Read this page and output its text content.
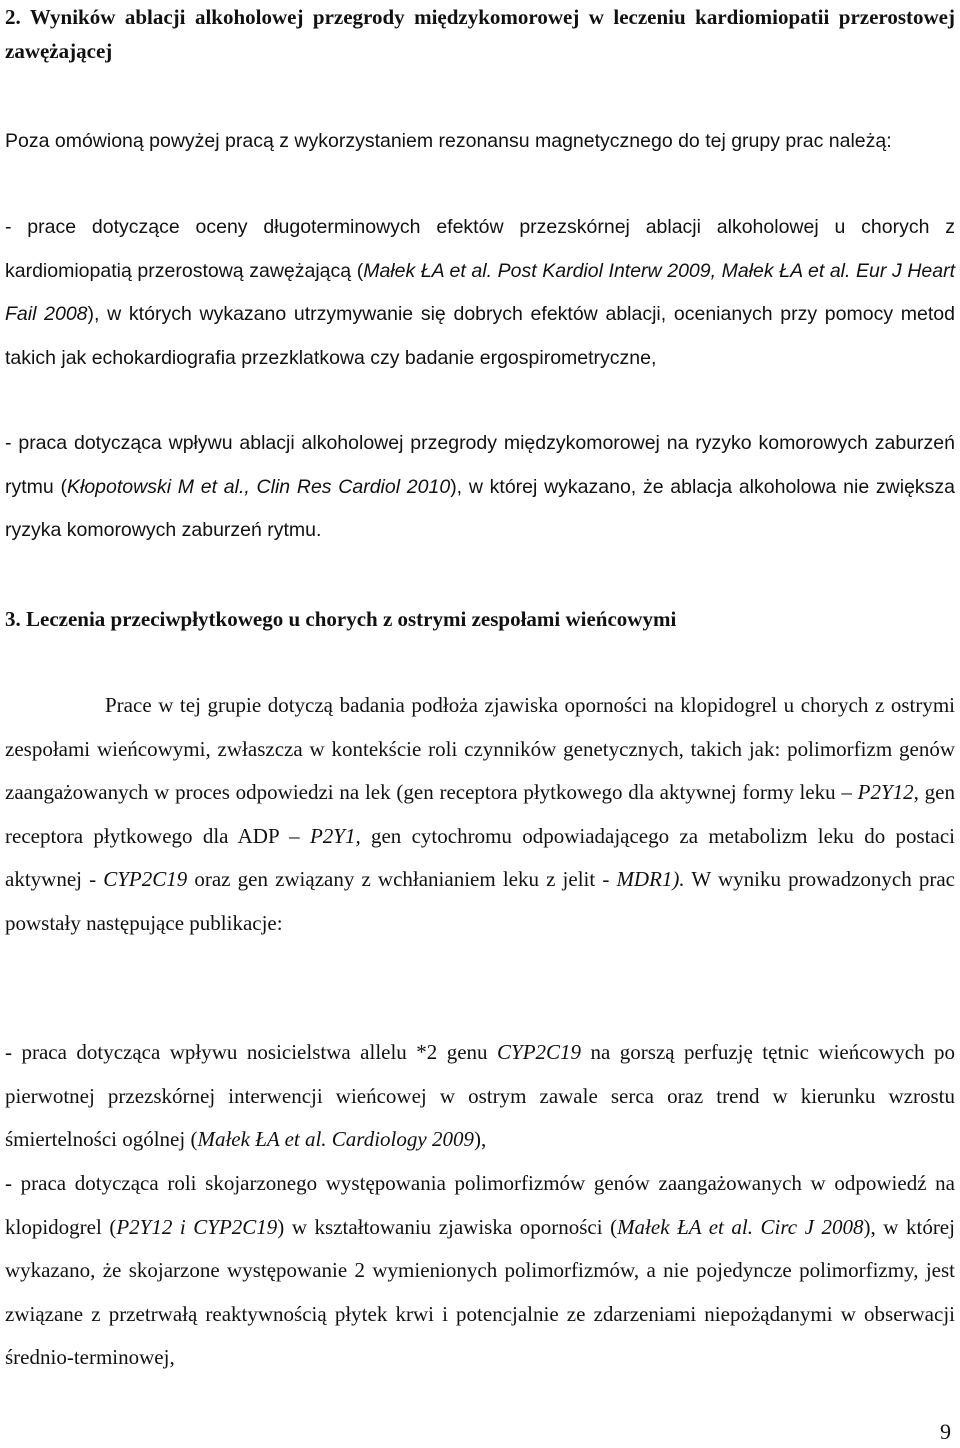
2. Wyników ablacji alkoholowej przegrody międzykomorowej w leczeniu kardiomiopatii przerostowej zawężającej

Poza omówioną powyżej pracą z wykorzystaniem rezonansu magnetycznego do tej grupy prac należą:

- prace dotyczące oceny długoterminowych efektów przezskórnej ablacji alkoholowej u chorych z kardiomiopatią przerostową zawężającą (Małek ŁA et al. Post Kardiol Interw 2009, Małek ŁA et al. Eur J Heart Fail 2008), w których wykazano utrzymywanie się dobrych efektów ablacji, ocenianych przy pomocy metod takich jak echokardiografia przezklatkowa czy badanie ergospirometryczne,

- praca dotycząca wpływu ablacji alkoholowej przegrody międzykomorowej na ryzyko komorowych zaburzeń rytmu (Kłopotowski M et al., Clin Res Cardiol 2010), w której wykazano, że ablacja alkoholowa nie zwiększa ryzyka komorowych zaburzeń rytmu.

3. Leczenia przeciwpłytkowego u chorych z ostrymi zespołami wieńcowymi

Prace w tej grupie dotyczą badania podłoża zjawiska oporności na klopidogrel u chorych z ostrymi zespołami wieńcowymi, zwłaszcza w kontekście roli czynników genetycznych, takich jak: polimorfizm genów zaangażowanych w proces odpowiedzi na lek (gen receptora płytkowego dla aktywnej formy leku – P2Y12, gen receptora płytkowego dla ADP – P2Y1, gen cytochromu odpowiadającego za metabolizm leku do postaci aktywnej - CYP2C19 oraz gen związany z wchłanianiem leku z jelit - MDR1). W wyniku prowadzonych prac powstały następujące publikacje:

- praca dotycząca wpływu nosicielstwa allelu *2 genu CYP2C19 na gorszą perfuzję tętnic wieńcowych po pierwotnej przezskórnej interwencji wieńcowej w ostrym zawale serca oraz trend w kierunku wzrostu śmiertelności ogólnej (Małek ŁA et al. Cardiology 2009),

- praca dotycząca roli skojarzonego występowania polimorfizmów genów zaangażowanych w odpowiedź na klopidogrel (P2Y12 i CYP2C19) w kształtowaniu zjawiska oporności (Małek ŁA et al. Circ J 2008), w której wykazano, że skojarzone występowanie 2 wymienionych polimorfizmów, a nie pojedyncze polimorfizmy, jest związane z przetrwałą reaktywnością płytek krwi i potencjalnie ze zdarzeniami niepożądanymi w obserwacji średnio-terminowej,

9
